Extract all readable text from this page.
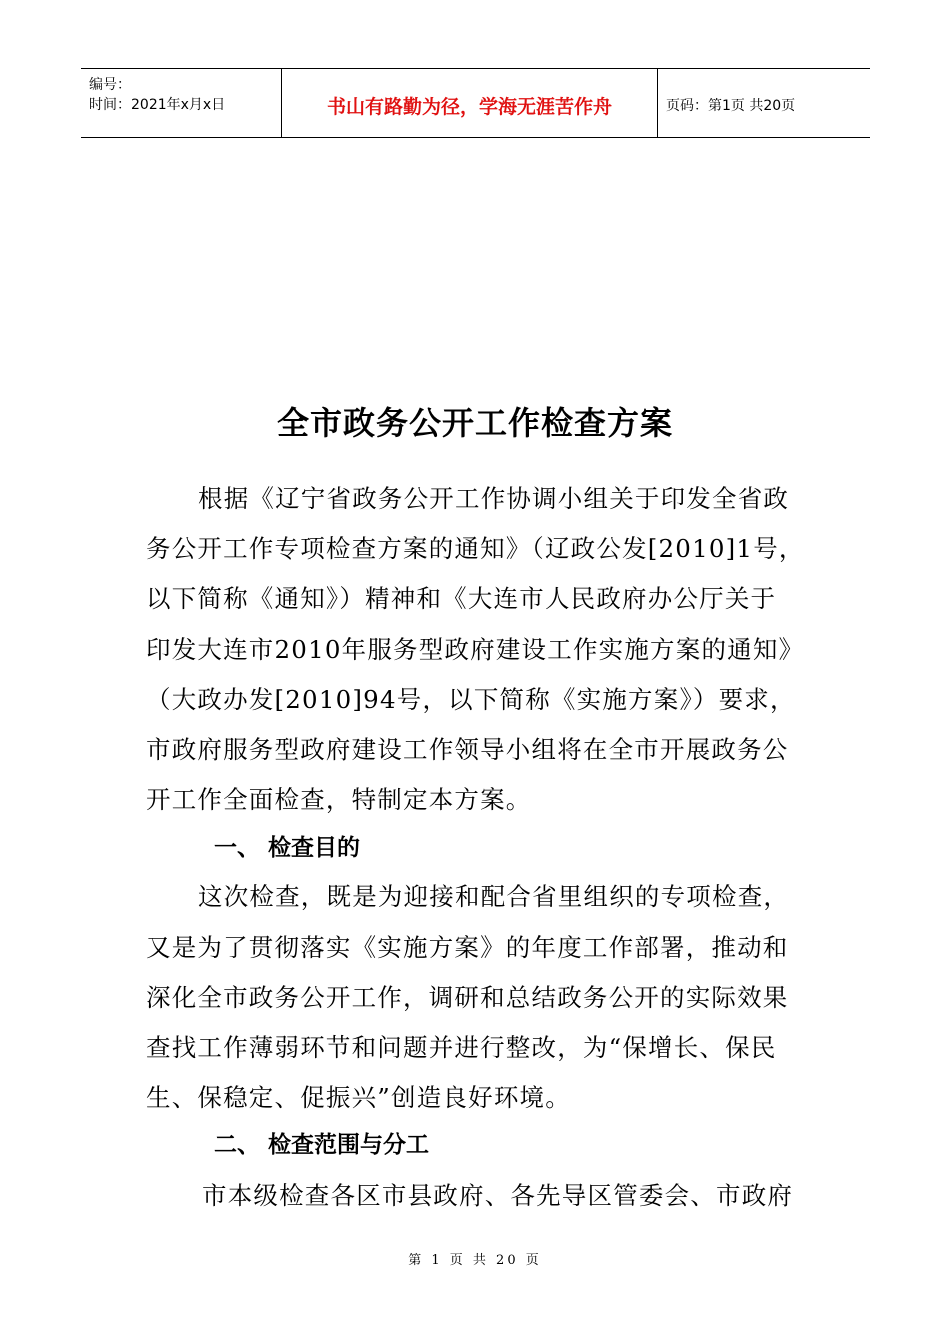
编号：
时间：2021年x月x日	书山有路勤为径，学海无涯苦作舟	页码：第1页 共20页
全市政务公开工作检查方案
根据《辽宁省政务公开工作协调小组关于印发全省政
务公开工作专项检查方案的通知》（辽政公发[2010]1号，
以下简称《通知》）精神和《大连市人民政府办公厅关于
印发大连市2010年服务型政府建设工作实施方案的通知》
（大政办发[2010]94号，以下简称《实施方案》）要求，
市政府服务型政府建设工作领导小组将在全市开展政务公
开工作全面检查，特制定本方案。
一、 检查目的
这次检查，既是为迎接和配合省里组织的专项检查，
又是为了贯彻落实《实施方案》的年度工作部署，推动和
深化全市政务公开工作，调研和总结政务公开的实际效果
查找工作薄弱环节和问题并进行整改，为“保增长、保民
生、保稳定、促振兴”创造良好环境。
二、 检查范围与分工
市本级检查各区市县政府、各先导区管委会、市政府
第 1 页 共 20 页
